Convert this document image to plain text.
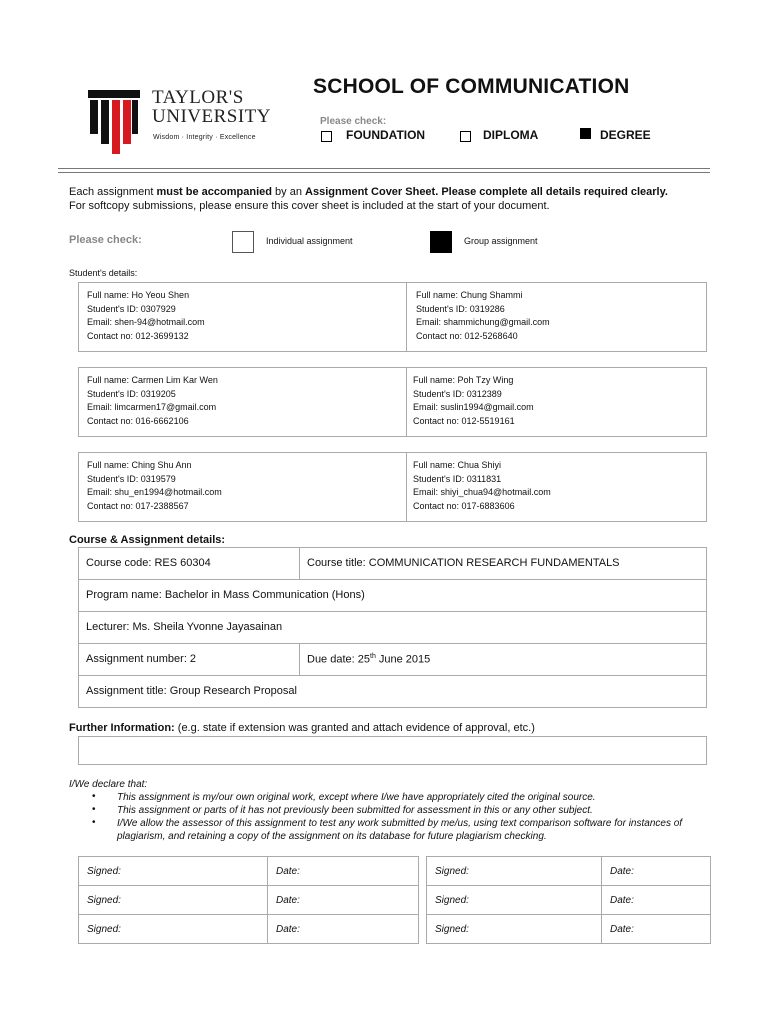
TAYLOR'S
UNIVERSITY
Wisdom · Integrity · Excellence
SCHOOL OF COMMUNICATION
Please check:
FOUNDATION	DIPLOMA	DEGREE
Each assignment must be accompanied by an Assignment Cover Sheet. Please complete all details required clearly.
For softcopy submissions, please ensure this cover sheet is included at the start of your document.
Please check:	Individual assignment	Group assignment
Student's details:
Full name: Ho Yeou Shen
Student's ID: 0307929
Email: shen-94@hotmail.com
Contact no: 012-3699132
Full name: Chung Shammi
Student's ID: 0319286
Email: shammichung@gmail.com
Contact no: 012-5268640
Full name: Carmen Lim Kar Wen
Student's ID: 0319205
Email: limcarmen17@gmail.com
Contact no: 016-6662106
Full name: Poh Tzy Wing
Student's ID: 0312389
Email: suslin1994@gmail.com
Contact no: 012-5519161
Full name: Ching Shu Ann
Student's ID: 0319579
Email: shu_en1994@hotmail.com
Contact no: 017-2388567
Full name: Chua Shiyi
Student's ID: 0311831
Email: shiyi_chua94@hotmail.com
Contact no: 017-6883606
Course & Assignment details:
Course code: RES 60304	Course title: COMMUNICATION RESEARCH FUNDAMENTALS
Program name: Bachelor in Mass Communication (Hons)
Lecturer: Ms. Sheila Yvonne Jayasainan
Assignment number: 2	Due date: 25th June 2015
Assignment title: Group Research Proposal
Further Information: (e.g. state if extension was granted and attach evidence of approval, etc.)
I/We declare that:
• This assignment is my/our own original work, except where I/we have appropriately cited the original source.
• This assignment or parts of it has not previously been submitted for assessment in this or any other subject.
• I/We allow the assessor of this assignment to test any work submitted by me/us, using text comparison software for instances of plagiarism, and retaining a copy of the assignment on its database for future plagiarism checking.
Signed:	Date:		Signed:	Date:
Signed:	Date:		Signed:	Date:
Signed:	Date:		Signed:	Date:
